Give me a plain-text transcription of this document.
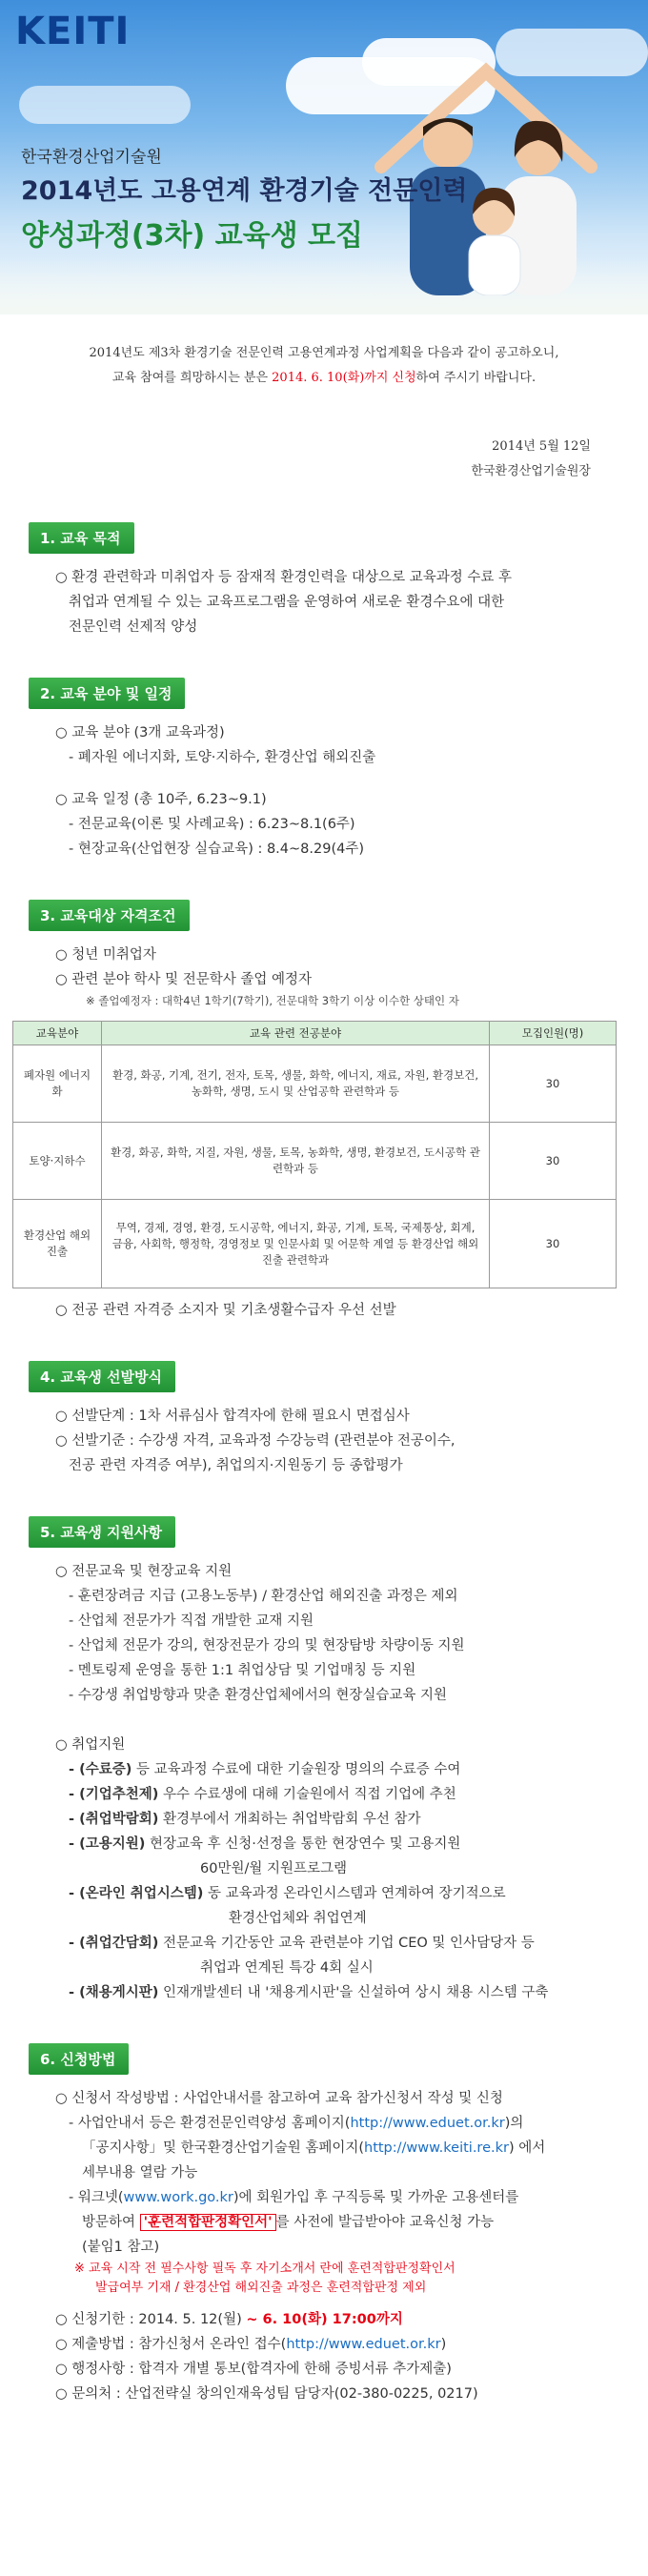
KEITI
한국환경산업기술원
2014년도 고용연계 환경기술 전문인력
양성과정(3차) 교육생 모집
2014년도 제3차 환경기술 전문인력 고용연계과정 사업계획을 다음과 같이 공고하오니,
교육 참여를 희망하시는 분은 2014. 6. 10(화)까지 신청하여 주시기 바랍니다.
2014년 5월 12일
한국환경산업기술원장
1. 교육 목적

○ 환경 관련학과 미취업자 등 잠재적 환경인력을 대상으로 교육과정 수료 후

취업과 연계될 수 있는 교육프로그램을 운영하여 새로운 환경수요에 대한

전문인력 선제적 양성

2. 교육 분야 및 일정

○ 교육 분야 (3개 교육과정)

- 폐자원 에너지화, 토양·지하수, 환경산업 해외진출

○ 교육 일정 (총 10주, 6.23~9.1)

- 전문교육(이론 및 사례교육) : 6.23~8.1(6주)

- 현장교육(산업현장 실습교육) : 8.4~8.29(4주)

3. 교육대상 자격조건

○ 청년 미취업자

○ 관련 분야 학사 및 전문학사 졸업 예정자

※ 졸업예정자 : 대학4년 1학기(7학기), 전문대학 3학기 이상 이수한 상태인 자

교육분야	교육 관련 전공분야	모집인원(명)
폐자원 에너지화	환경, 화공, 기계, 전기, 전자, 토목, 생물, 화학, 에너지, 재료, 자원, 환경보건, 농화학, 생명, 도시 및 산업공학 관련학과 등	30
토양·지하수	환경, 화공, 화학, 지질, 자원, 생물, 토목, 농화학, 생명, 환경보건, 도시공학 관련학과 등	30
환경산업 해외진출	무역, 경제, 경영, 환경, 도시공학, 에너지, 화공, 기계, 토목, 국제통상, 회계, 금융, 사회학, 행정학, 경영정보 및 인문사회 및 어문학 계열 등 환경산업 해외진출 관련학과	30

○ 전공 관련 자격증 소지자 및 기초생활수급자 우선 선발

4. 교육생 선발방식

○ 선발단계 : 1차 서류심사 합격자에 한해 필요시 면접심사

○ 선발기준 : 수강생 자격, 교육과정 수강능력 (관련분야 전공이수,

전공 관련 자격증 여부), 취업의지·지원동기 등 종합평가

5. 교육생 지원사항

○ 전문교육 및 현장교육 지원

- 훈련장려금 지급 (고용노동부) / 환경산업 해외진출 과정은 제외

- 산업체 전문가가 직접 개발한 교재 지원

- 산업체 전문가 강의, 현장전문가 강의 및 현장탐방 차량이동 지원

- 멘토링제 운영을 통한 1:1 취업상담 및 기업매칭 등 지원

- 수강생 취업방향과 맞춘 환경산업체에서의 현장실습교육 지원

○ 취업지원

- (수료증) 등 교육과정 수료에 대한 기술원장 명의의 수료증 수여

- (기업추천제) 우수 수료생에 대해 기술원에서 직접 기업에 추천

- (취업박람회) 환경부에서 개최하는 취업박람회 우선 참가

- (고용지원) 현장교육 후 신청·선정을 통한 현장연수 및 고용지원

60만원/월 지원프로그램

- (온라인 취업시스템) 동 교육과정 온라인시스템과 연계하여 장기적으로

환경산업체와 취업연계

- (취업간담회) 전문교육 기간동안 교육 관련분야 기업 CEO 및 인사담당자 등

취업과 연계된 특강 4회 실시

- (채용게시판) 인재개발센터 내 '채용게시판'을 신설하여 상시 채용 시스템 구축

6. 신청방법

○ 신청서 작성방법 : 사업안내서를 참고하여 교육 참가신청서 작성 및 신청

- 사업안내서 등은 환경전문인력양성 홈페이지(http://www.eduet.or.kr)의

「공지사항」및 한국환경산업기술원 홈페이지(http://www.keiti.re.kr) 에서

세부내용 열람 가능

- 워크넷(www.work.go.kr)에 회원가입 후 구직등록 및 가까운 고용센터를

방문하여 '훈련적합판정확인서' 를 사전에 발급받아야 교육신청 가능

(붙임1 참고)

※ 교육 시작 전 필수사항 필독 후 자기소개서 란에 훈련적합판정확인서

발급여부 기재 / 환경산업 해외진출 과정은 훈련적합판정 제외

○ 신청기한 : 2014. 5. 12(월) ~ 6. 10(화) 17:00까지

○ 제출방법 : 참가신청서 온라인 접수(http://www.eduet.or.kr)

○ 행정사항 : 합격자 개별 통보(합격자에 한해 증빙서류 추가제출)

○ 문의처 : 산업전략실 창의인재육성팀 담당자(02-380-0225, 0217)
